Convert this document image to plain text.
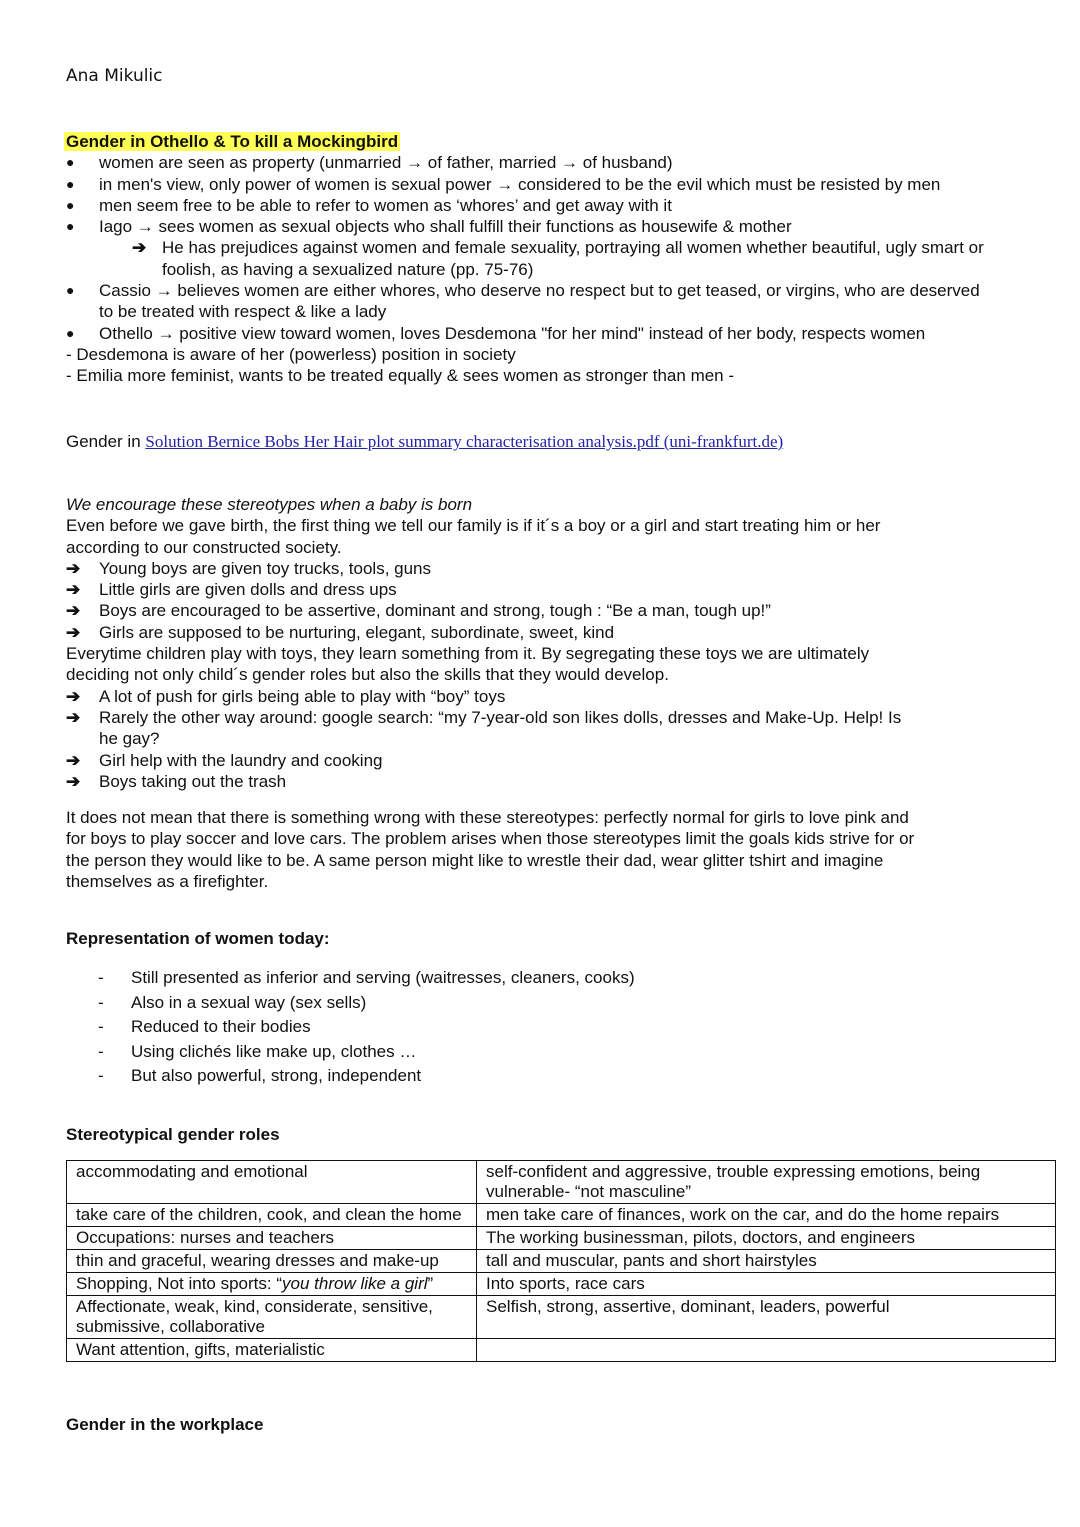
Ana Mikulic
Gender in Othello & To kill a Mockingbird
● women are seen as property (unmarried → of father, married → of husband)
● in men's view, only power of women is sexual power → considered to be the evil which must be resisted by men
● men seem free to be able to refer to women as ‘whores’ and get away with it
● Iago → sees women as sexual objects who shall fulfill their functions as housewife & mother
➔ He has prejudices against women and female sexuality, portraying all women whether beautiful, ugly smart or foolish, as having a sexualized nature (pp. 75-76)
● Cassio → believes women are either whores, who deserve no respect but to get teased, or virgins, who are deserved to be treated with respect & like a lady
● Othello → positive view toward women, loves Desdemona "for her mind" instead of her body, respects women
- Desdemona is aware of her (powerless) position in society
- Emilia more feminist, wants to be treated equally & sees women as stronger than men -
Gender in Solution Bernice Bobs Her Hair plot summary characterisation analysis.pdf (uni-frankfurt.de)
We encourage these stereotypes when a baby is born
Even before we gave birth, the first thing we tell our family is if it´s a boy or a girl and start treating him or her according to our constructed society.
➔ Young boys are given toy trucks, tools, guns
➔ Little girls are given dolls and dress ups
➔ Boys are encouraged to be assertive, dominant and strong, tough : “Be a man, tough up!”
➔ Girls are supposed to be nurturing, elegant, subordinate, sweet, kind
Everytime children play with toys, they learn something from it. By segregating these toys we are ultimately deciding not only child´s gender roles but also the skills that they would develop.
➔ A lot of push for girls being able to play with “boy” toys
➔ Rarely the other way around: google search: “my 7-year-old son likes dolls, dresses and Make-Up. Help! Is he gay?
➔ Girl help with the laundry and cooking
➔ Boys taking out the trash
It does not mean that there is something wrong with these stereotypes: perfectly normal for girls to love pink and for boys to play soccer and love cars. The problem arises when those stereotypes limit the goals kids strive for or the person they would like to be. A same person might like to wrestle their dad, wear glitter tshirt and imagine themselves as a firefighter.
Representation of women today:
- Still presented as inferior and serving (waitresses, cleaners, cooks)
- Also in a sexual way (sex sells)
- Reduced to their bodies
- Using clichés like make up, clothes …
- But also powerful, strong, independent
Stereotypical gender roles
accommodating and emotional	self-confident and aggressive, trouble expressing emotions, being vulnerable- “not masculine”
take care of the children, cook, and clean the home	men take care of finances, work on the car, and do the home repairs
Occupations: nurses and teachers	The working businessman, pilots, doctors, and engineers
thin and graceful, wearing dresses and make-up	tall and muscular, pants and short hairstyles
Shopping, Not into sports: “you throw like a girl”	Into sports, race cars
Affectionate, weak, kind, considerate, sensitive, submissive, collaborative	Selfish, strong, assertive, dominant, leaders, powerful
Want attention, gifts, materialistic	
Gender in the workplace
